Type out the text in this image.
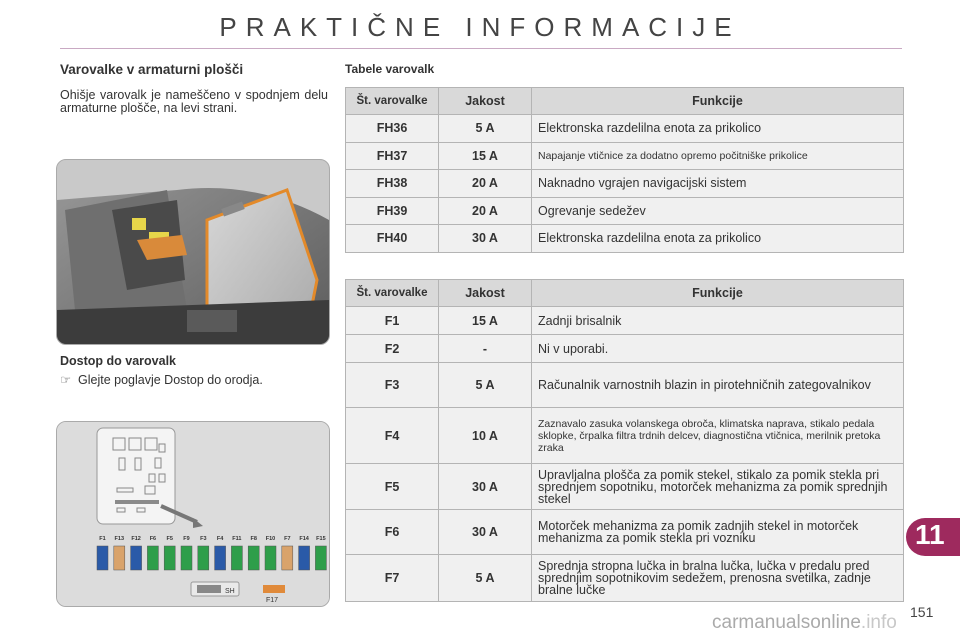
PRAKTIČNE INFORMACIJE
Varovalke v armaturni plošči
Ohišje varovalk je nameščeno v spodnjem delu armaturne plošče, na levi strani.
Dostop do varovalk
☞ Glejte poglavje Dostop do orodja.
F1 F13 F12 F6 F5 F9 F3 F4 F11 F8 F10 F7 F14 F15
SH
F17
Tabele varovalk
Št. varovalke	Jakost	Funkcije
FH36	5 A	Elektronska razdelilna enota za prikolico
FH37	15 A	Napajanje vtičnice za dodatno opremo počitniške prikolice
FH38	20 A	Naknadno vgrajen navigacijski sistem
FH39	20 A	Ogrevanje sedežev
FH40	30 A	Elektronska razdelilna enota za prikolico
Št. varovalke	Jakost	Funkcije
F1	15 A	Zadnji brisalnik
F2	-	Ni v uporabi.
F3	5 A	Računalnik varnostnih blazin in pirotehničnih zategovalnikov
F4	10 A	Zaznavalo zasuka volanskega obroča, klimatska naprava, stikalo pedala sklopke, črpalka filtra trdnih delcev, diagnostična vtičnica, merilnik pretoka zraka
F5	30 A	Upravljalna plošča za pomik stekel, stikalo za pomik stekla pri sprednjem sopotniku, motorček mehanizma za pomik sprednjih stekel
F6	30 A	Motorček mehanizma za pomik zadnjih stekel in motorček mehanizma za pomik stekla pri vozniku
F7	5 A	Sprednja stropna lučka in bralna lučka, lučka v predalu pred sprednjim sopotnikovim sedežem, prenosna svetilka, zadnje bralne lučke
11
151
carmanualsonline.info
